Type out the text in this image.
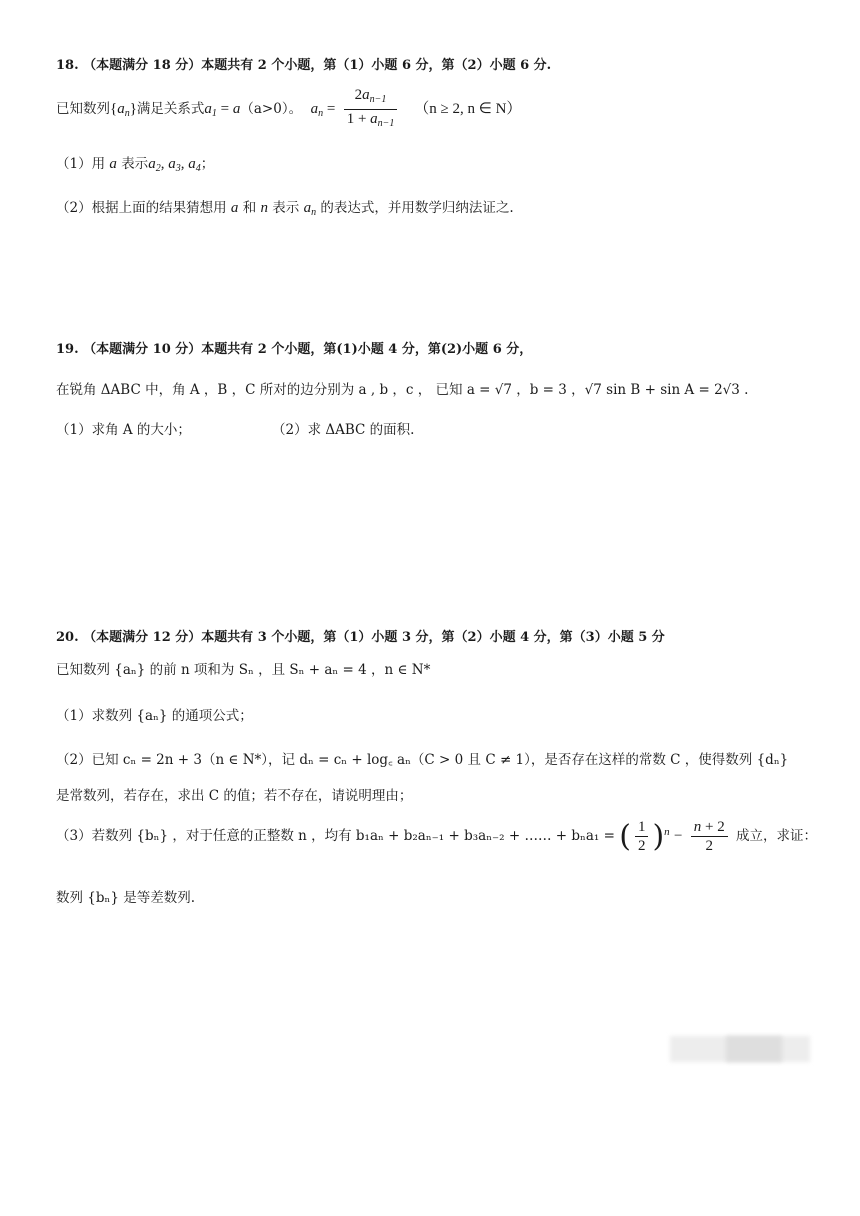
18. （本题满分 18 分）本题共有 2 个小题，第（1）小题 6 分，第（2）小题 6 分.
已知数列$\{a_n\}$满足关系式$a_1 = a(a>0)$。 $a_n = \frac{2a_{n-1}}{1 + a_{n-1}} (n \ge 2$, n ∈ N）
（1）用 a 表示$a_2$, $a_3$, $a_4$；
（2）根据上面的结果猜想用 a 和 n 表示 $a_n$ 的表达式，并用数学归纳法证之.
19. （本题满分 10 分）本题共有 2 个小题，第(1)小题 4 分，第(2)小题 6 分，
在锐角 ΔABC 中，角 A ，B ，C 所对的边分别为 a , b ，c ， 已知 a = √7 ，b = 3 ，√7 sin B + sin A = 2√3 .
（1）求角 A 的大小；	（2）求 ΔABC 的面积.
20. （本题满分 12 分）本题共有 3 个小题，第（1）小题 3 分，第（2）小题 4 分，第（3）小题 5 分
已知数列 {aₙ} 的前 n 项和为 Sₙ ，且 Sₙ + aₙ = 4 ，n ∈ N*
（1）求数列 {aₙ} 的通项公式；
（2）已知 cₙ = 2n + 3（n ∈ N*），记 dₙ = cₙ + log꜀ aₙ（C > 0 且 C ≠ 1），是否存在这样的常数 C ，使得数列 {dₙ}
是常数列，若存在，求出 C 的值；若不存在，请说明理由；
（3）若数列 {bₙ} ，对于任意的正整数 n ，均有 b₁aₙ + b₂aₙ₋₁ + b₃aₙ₋₂ + …… + bₙa₁ = ( $\frac{1}{2} )^n - \frac{n + 2}{2}$ 成立，求证：
数列 {bₙ} 是等差数列.
